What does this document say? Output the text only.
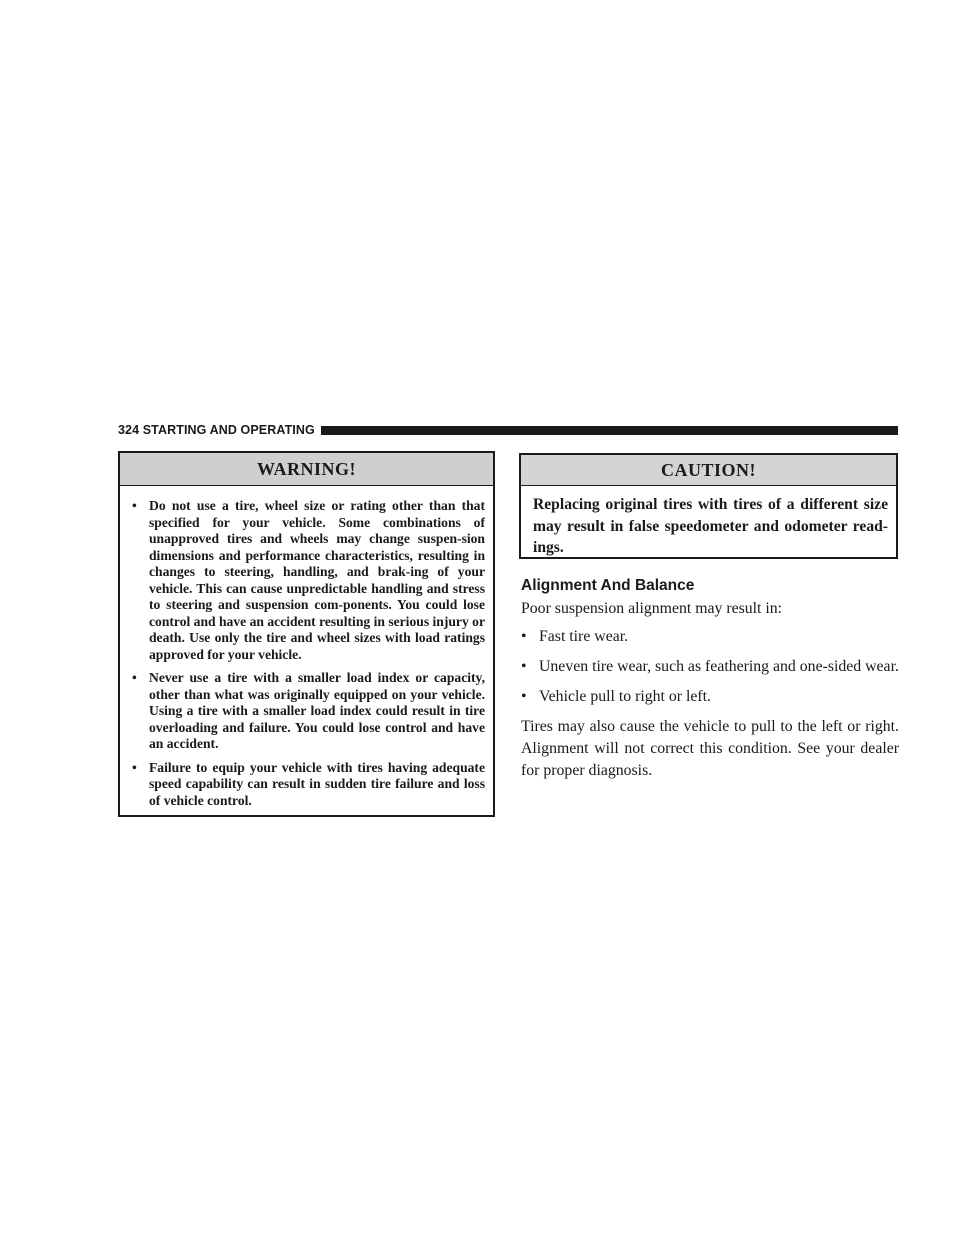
324 STARTING AND OPERATING
WARNING!
• Do not use a tire, wheel size or rating other than that specified for your vehicle. Some combinations of unapproved tires and wheels may change suspen-sion dimensions and performance characteristics, resulting in changes to steering, handling, and brak-ing of your vehicle. This can cause unpredictable handling and stress to steering and suspension com-ponents. You could lose control and have an accident resulting in serious injury or death. Use only the tire and wheel sizes with load ratings approved for your vehicle.
• Never use a tire with a smaller load index or capacity, other than what was originally equipped on your vehicle. Using a tire with a smaller load index could result in tire overloading and failure. You could lose control and have an accident.
• Failure to equip your vehicle with tires having adequate speed capability can result in sudden tire failure and loss of vehicle control.
CAUTION!
Replacing original tires with tires of a different size may result in false speedometer and odometer read-ings.
Alignment And Balance

Poor suspension alignment may result in:

• Fast tire wear.
• Uneven tire wear, such as feathering and one-sided wear.
• Vehicle pull to right or left.

Tires may also cause the vehicle to pull to the left or right. Alignment will not correct this condition. See your dealer for proper diagnosis.
